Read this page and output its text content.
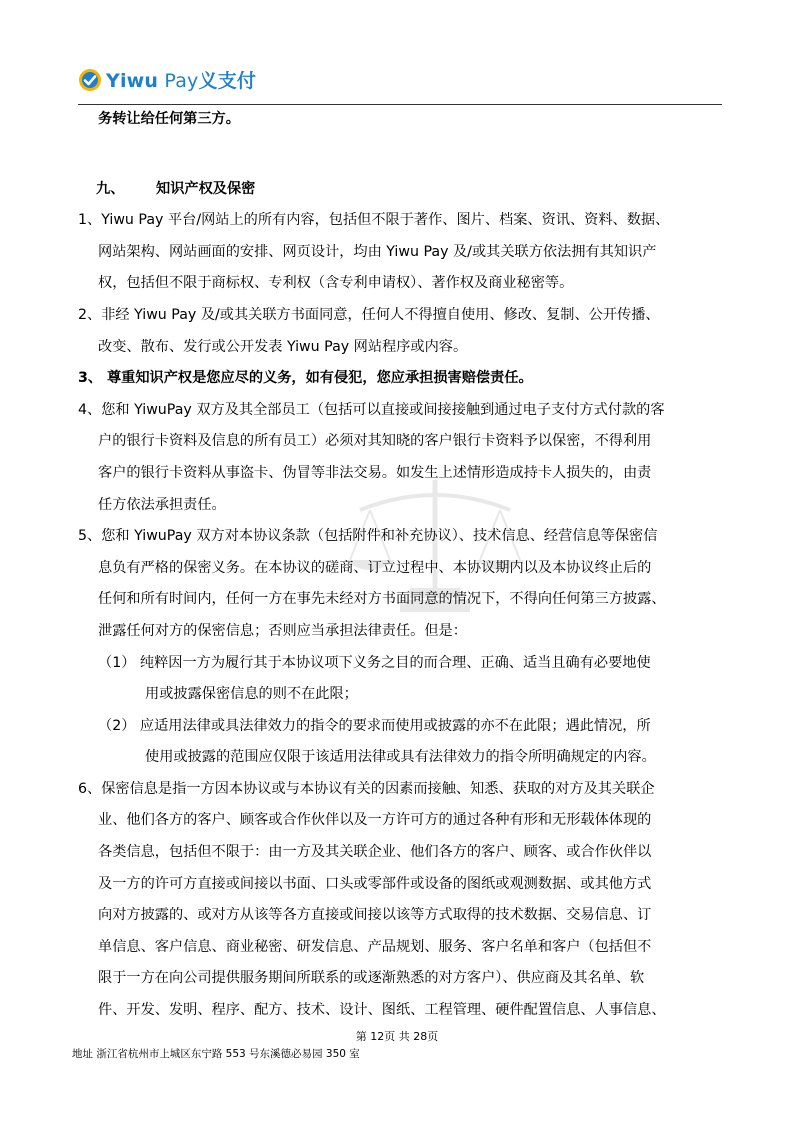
Yiwu Pay义支付
务转让给任何第三方。
九、 知识产权及保密
1、Yiwu Pay 平台/网站上的所有内容，包括但不限于著作、图片、档案、资讯、资料、数据、
网站架构、网站画面的安排、网页设计，均由 Yiwu Pay 及/或其关联方依法拥有其知识产
权，包括但不限于商标权、专利权（含专利申请权）、著作权及商业秘密等。
2、非经 Yiwu Pay 及/或其关联方书面同意，任何人不得擅自使用、修改、复制、公开传播、
改变、散布、发行或公开发表 Yiwu Pay 网站程序或内容。
3、 尊重知识产权是您应尽的义务，如有侵犯，您应承担损害赔偿责任。
4、您和 YiwuPay 双方及其全部员工（包括可以直接或间接接触到通过电子支付方式付款的客
户的银行卡资料及信息的所有员工）必须对其知晓的客户银行卡资料予以保密，不得利用
客户的银行卡资料从事盗卡、伪冒等非法交易。如发生上述情形造成持卡人损失的，由责
任方依法承担责任。
5、您和 YiwuPay 双方对本协议条款（包括附件和补充协议）、技术信息、经营信息等保密信
息负有严格的保密义务。在本协议的磋商、订立过程中、本协议期内以及本协议终止后的
任何和所有时间内，任何一方在事先未经对方书面同意的情况下，不得向任何第三方披露、
泄露任何对方的保密信息；否则应当承担法律责任。但是：
（1） 纯粹因一方为履行其于本协议项下义务之目的而合理、正确、适当且确有必要地使
用或披露保密信息的则不在此限；
（2） 应适用法律或具法律效力的指令的要求而使用或披露的亦不在此限；遇此情况，所
使用或披露的范围应仅限于该适用法律或具有法律效力的指令所明确规定的内容。
6、保密信息是指一方因本协议或与本协议有关的因素而接触、知悉、获取的对方及其关联企
业、他们各方的客户、顾客或合作伙伴以及一方许可方的通过各种有形和无形载体体现的
各类信息，包括但不限于：由一方及其关联企业、他们各方的客户、顾客、或合作伙伴以
及一方的许可方直接或间接以书面、口头或零部件或设备的图纸或观测数据、或其他方式
向对方披露的、或对方从该等各方直接或间接以该等方式取得的技术数据、交易信息、订
单信息、客户信息、商业秘密、研发信息、产品规划、服务、客户名单和客户（包括但不
限于一方在向公司提供服务期间所联系的或逐渐熟悉的对方客户）、供应商及其名单、软
件、开发、发明、程序、配方、技术、设计、图纸、工程管理、硬件配置信息、人事信息、
第 12页 共 28页
地址 浙江省杭州市上城区东宁路 553 号东溪德必易园 350 室
